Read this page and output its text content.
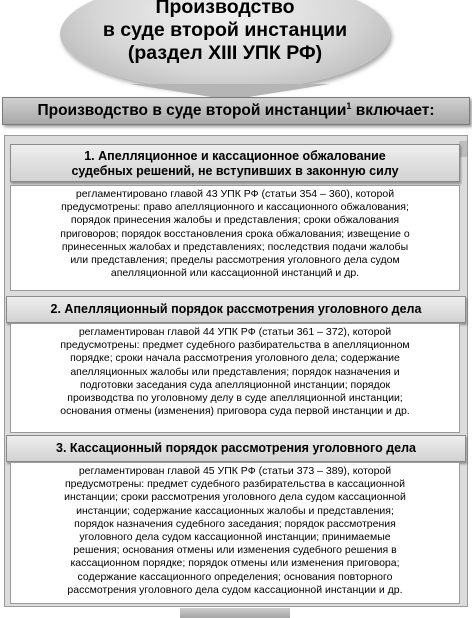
Производство
в суде второй инстанции
(раздел XIII УПК РФ)
Производство в суде второй инстанции$^1$ включает:
1. Апелляционное и кассационное обжалование
судебных решений, не вступивших в законную силу
регламентировано главой 43 УПК РФ (статьи 354 – 360), которой
предусмотрены: право апелляционного и кассационного обжалования;
порядок принесения жалобы и представления; сроки обжалования
приговоров; порядок восстановления срока обжалования; извещение о
принесенных жалобах и представлениях; последствия подачи жалобы
или представления; пределы рассмотрения уголовного дела судом
апелляционной или кассационной инстанций и др.
2. Апелляционный порядок рассмотрения уголовного дела
регламентирован главой 44 УПК РФ (статьи 361 – 372), которой
предусмотрены: предмет судебного разбирательства в апелляционном
порядке; сроки начала рассмотрения уголовного дела; содержание
апелляционных жалобы или представления; порядок назначения и
подготовки заседания суда апелляционной инстанции; порядок
производства по уголовному делу в суде апелляционной инстанции;
основания отмены (изменения) приговора суда первой инстанции и др.
3. Кассационный порядок рассмотрения уголовного дела
регламентирован главой 45 УПК РФ (статьи 373 – 389), которой
предусмотрены: предмет судебного разбирательства в кассационной
инстанции; сроки рассмотрения уголовного дела судом кассационной
инстанции; содержание кассационных жалобы и представления;
порядок назначения судебного заседания; порядок рассмотрения
уголовного дела судом кассационной инстанции; принимаемые
решения; основания отмены или изменения судебного решения в
кассационном порядке; порядок отмены или изменения приговора;
содержание кассационного определения; основания повторного
рассмотрения уголовного дела судом кассационной инстанции и др.
